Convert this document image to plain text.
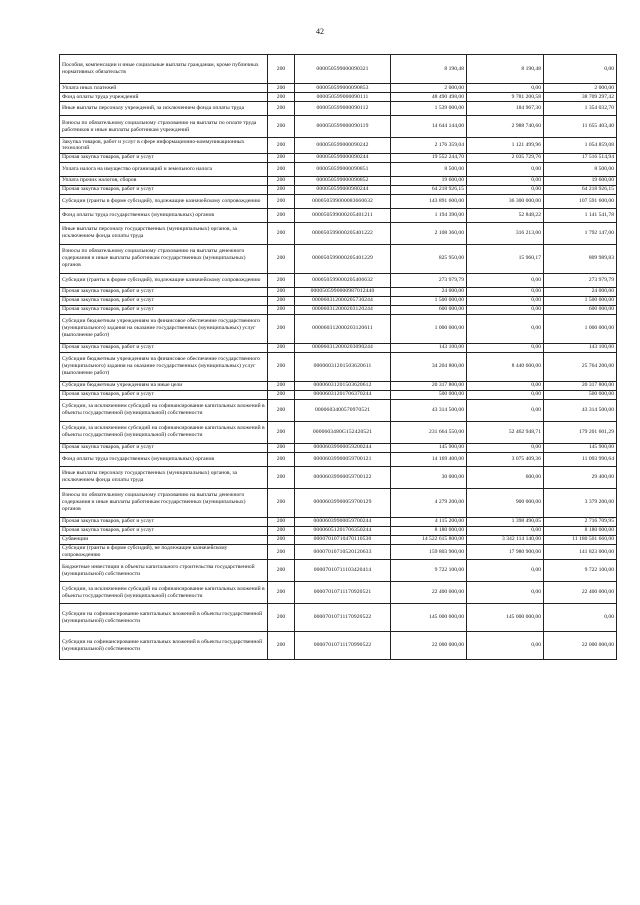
42
Пособия, компенсации и иные социальные выплаты гражданам, кроме публичных нормативных обязательств	200	000050599000090321	8 190,48	8 190,48	0,00
Уплата иных платежей	200	000050599000090853	2 000,00	0,00	2 000,00
Фонд оплаты труда учреждений	200	000050599000090111	48 490 498,00	9 781 200,58	38 709 297,42
Иные выплаты персоналу учреждений, за исключением фонда оплаты труда	200	000050599000090112	1 539 000,00	184 967,30	1 354 032,70
Взносы по обязательному социальному страхованию на выплаты по оплате труда работников и иные выплаты работникам учреждений	200	000050599000090119	14 644 144,00	2 988 740,60	11 655 403,40
Закупка товаров, работ и услуг в сфере информационно-коммуникационных технологий	200	000050599000090242	2 176 359,04	1 121 499,96	1 054 859,08
Прочая закупка товаров, работ и услуг	200	000050599000090244	19 552 244,70	2 035 729,76	17 516 514,94
Уплата налога на имущество организаций и земельного налога	200	000050599000090851	8 500,00	0,00	8 500,00
Уплата прочих налогов, сборов	200	000050599000090852	19 600,00	0,00	19 600,00
Прочая закупка товаров, работ и услуг	200	000050599000980244	64 218 926,15	0,00	64 218 926,15
Субсидии (гранты в форме субсидий), подлежащие казначейскому сопровождению	200	000050599000083660632	143 891 600,00	36 300 000,00	107 591 600,00
Фонд оплаты труда государственных (муниципальных) органов	200	000050599000205401211	1 194 390,00	52 848,22	1 141 541,78
Иные выплаты персоналу государственных (муниципальных) органов, за исключением фонда оплаты труда	200	000050599000205401222	2 108 360,00	316 213,00	1 792 147,00
Взносы по обязательному социальному страхованию на выплаты денежного содержания и иные выплаты работникам государственных (муниципальных) органов	200	000050599000205401229	825 950,00	15 960,17	809 989,83
Субсидии (гранты в форме субсидий), подлежащие казначейскому сопровождению	200	000050599000205406632	273 979,79	0,00	273 979,79
Прочая закупка товаров, работ и услуг	200	0000505990000987012440	24 000,00	0,00	24 000,00
Прочая закупка товаров, работ и услуг	200	000060312000205730244	1 500 000,00	0,00	1 500 000,00
Прочая закупка товаров, работ и услуг	200	000060312000203120244	600 000,00	0,00	600 000,00
Субсидии бюджетным учреждениям на финансовое обеспечение государственного (муниципального) задания на оказание государственных (муниципальных) услуг (выполнение работ)	200	000060312000203120611	1 000 000,00	0,00	1 000 000,00
Прочая закупка товаров, работ и услуг	200	000060312000203090244	143 100,00	0,00	143 100,00
Субсидии бюджетным учреждениям на финансовое обеспечение государственного (муниципального) задания на оказание государственных (муниципальных) услуг (выполнение работ)	200	00006031201503620611	34 204 800,00	8 440 600,00	25 764 200,00
Субсидии бюджетным учреждениям на иные цели	200	00006031201503620612	20 317 800,00	0,00	20 317 800,00
Прочая закупка товаров, работ и услуг	200	00006031201706370244	500 000,00	0,00	500 000,00
Субсидии, за исключением субсидий на софинансирование капитальных вложений в объекты государственной (муниципальной) собственности	200	0000603400570970521	43 314 500,00	0,00	43 314 500,00
Субсидии, за исключением субсидий на софинансирование капитальных вложений в объекты государственной (муниципальной) собственности	200	0000603480G152420521	231 664 550,00	52 462 948,71	179 201 601,29
Прочая закупка товаров, работ и услуг	200	00006039900059200244	145 900,00	0,00	145 900,00
Фонд оплаты труда государственных (муниципальных) органов	200	00006039900059700121	14 169 400,00	3 075 409,36	11 093 990,64
Иные выплаты персоналу государственных (муниципальных) органов, за исключением фонда оплаты труда	200	00006039900059700122	30 000,00	600,00	29 400,00
Взносы по обязательному социальному страхованию на выплаты денежного содержания и иные выплаты работникам государственных (муниципальных) органов	200	00006039900059700129	4 279 200,00	900 000,00	3 379 200,00
Прочая закупка товаров, работ и услуг	200	00006039900059700244	4 115 200,00	1 398 490,05	2 716 709,95
Прочая закупка товаров, работ и услуг	200	00006051201706350244	8 180 000,00	0,00	8 180 000,00
Субвенции	200	00007010710470110530	14 522 615 800,00	3 342 114 140,00	11 180 501 660,00
Субсидии (гранты в форме субсидий), не подлежащие казначейскому сопровождению	200	00007010710520120633	159 803 900,00	17 980 900,00	141 823 000,00
Бюджетные инвестиции в объекты капитального строительства государственной (муниципальной) собственности	200	00007010711103420414	9 722 100,00	0,00	9 722 100,00
Субсидии, за исключением субсидий на софинансирование капитальных вложений в объекты государственной (муниципальной) собственности	200	00007010711170920521	22 400 000,00	0,00	22 400 000,00
Субсидии на софинансирование капитальных вложений в объекты государственной (муниципальной) собственности	200	00007010711170920522	145 000 000,00	145 000 000,00	0,00
Субсидии на софинансирование капитальных вложений в объекты государственной (муниципальной) собственности	200	00007010711170990522	22 000 000,00	0,00	22 000 000,00
